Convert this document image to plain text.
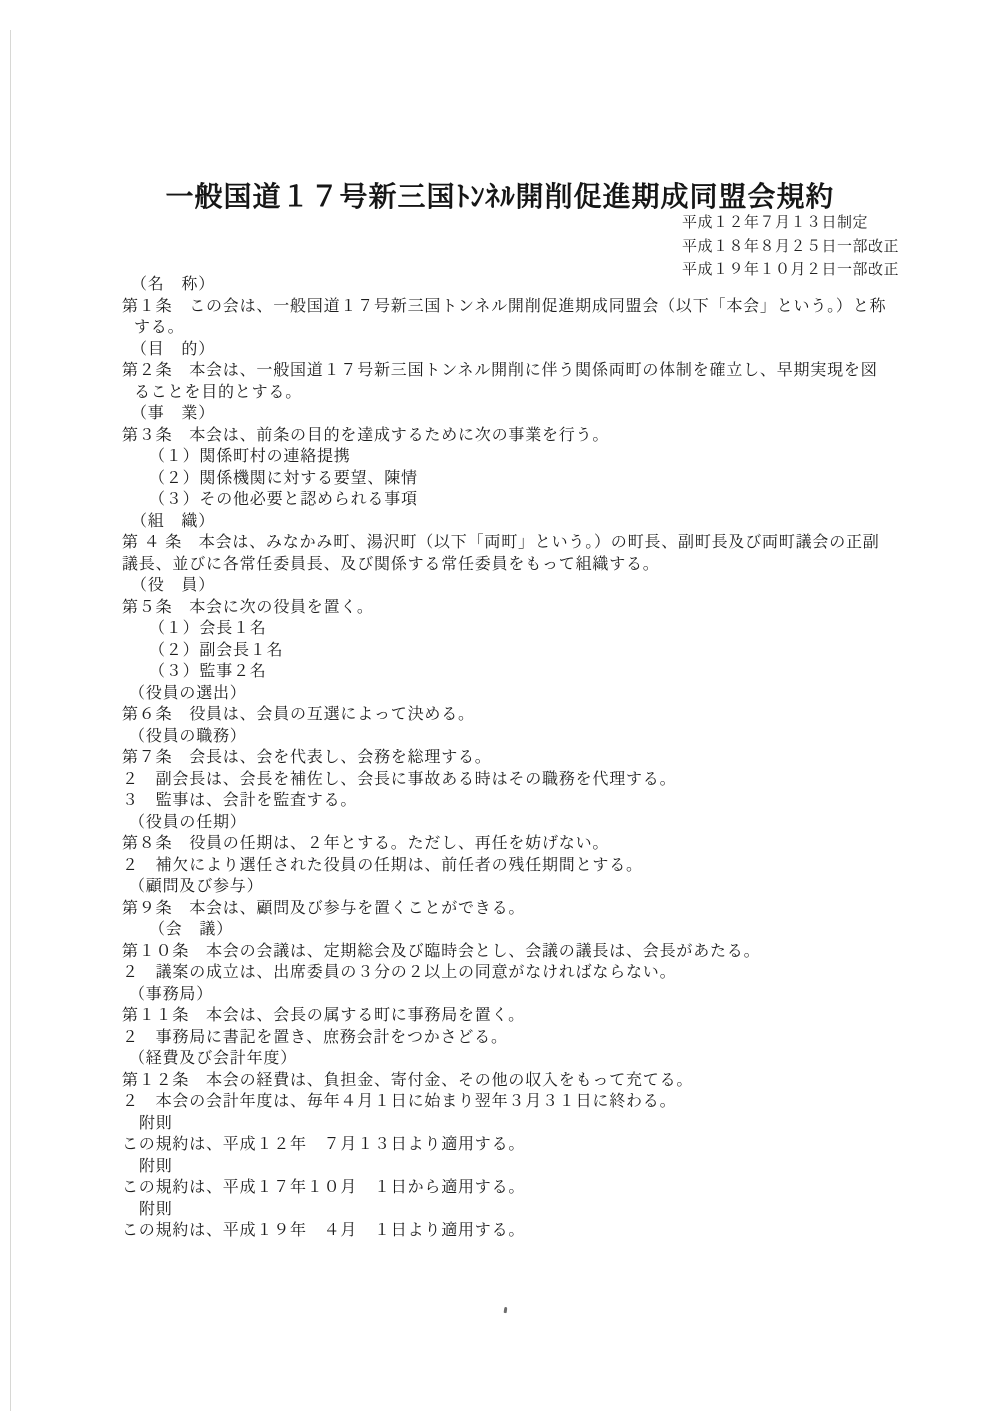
一般国道１７号新三国ﾄﾝﾈﾙ開削促進期成同盟会規約
平成１２年７月１３日制定
平成１８年８月２５日一部改正
平成１９年１０月２日一部改正
（名　称）
第１条　この会は、一般国道１７号新三国トンネル開削促進期成同盟会（以下「本会」という。）と称
する。
（目　的）
第２条　本会は、一般国道１７号新三国トンネル開削に伴う関係両町の体制を確立し、早期実現を図
ることを目的とする。
（事　業）
第３条　本会は、前条の目的を達成するために次の事業を行う。
（１）関係町村の連絡提携
（２）関係機関に対する要望、陳情
（３）その他必要と認められる事項
（組　織）
第 ４ 条　本会は、みなかみ町、湯沢町（以下「両町」という。）の町長、副町長及び両町議会の正副
議長、並びに各常任委員長、及び関係する常任委員をもって組織する。
（役　員）
第５条　本会に次の役員を置く。
（１）会長１名
（２）副会長１名
（３）監事２名
（役員の選出）
第６条　役員は、会員の互選によって決める。
（役員の職務）
第７条　会長は、会を代表し、会務を総理する。
２　副会長は、会長を補佐し、会長に事故ある時はその職務を代理する。
３　監事は、会計を監査する。
（役員の任期）
第８条　役員の任期は、２年とする。ただし、再任を妨げない。
２　補欠により選任された役員の任期は、前任者の残任期間とする。
（顧問及び参与）
第９条　本会は、顧問及び参与を置くことができる。
（会　議）
第１０条　本会の会議は、定期総会及び臨時会とし、会議の議長は、会長があたる。
２　議案の成立は、出席委員の３分の２以上の同意がなければならない。
（事務局）
第１１条　本会は、会長の属する町に事務局を置く。
２　事務局に書記を置き、庶務会計をつかさどる。
（経費及び会計年度）
第１２条　本会の経費は、負担金、寄付金、その他の収入をもって充てる。
２　本会の会計年度は、毎年４月１日に始まり翌年３月３１日に終わる。
附則
この規約は、平成１２年　７月１３日より適用する。
附則
この規約は、平成１７年１０月　１日から適用する。
附則
この規約は、平成１９年　４月　１日より適用する。
